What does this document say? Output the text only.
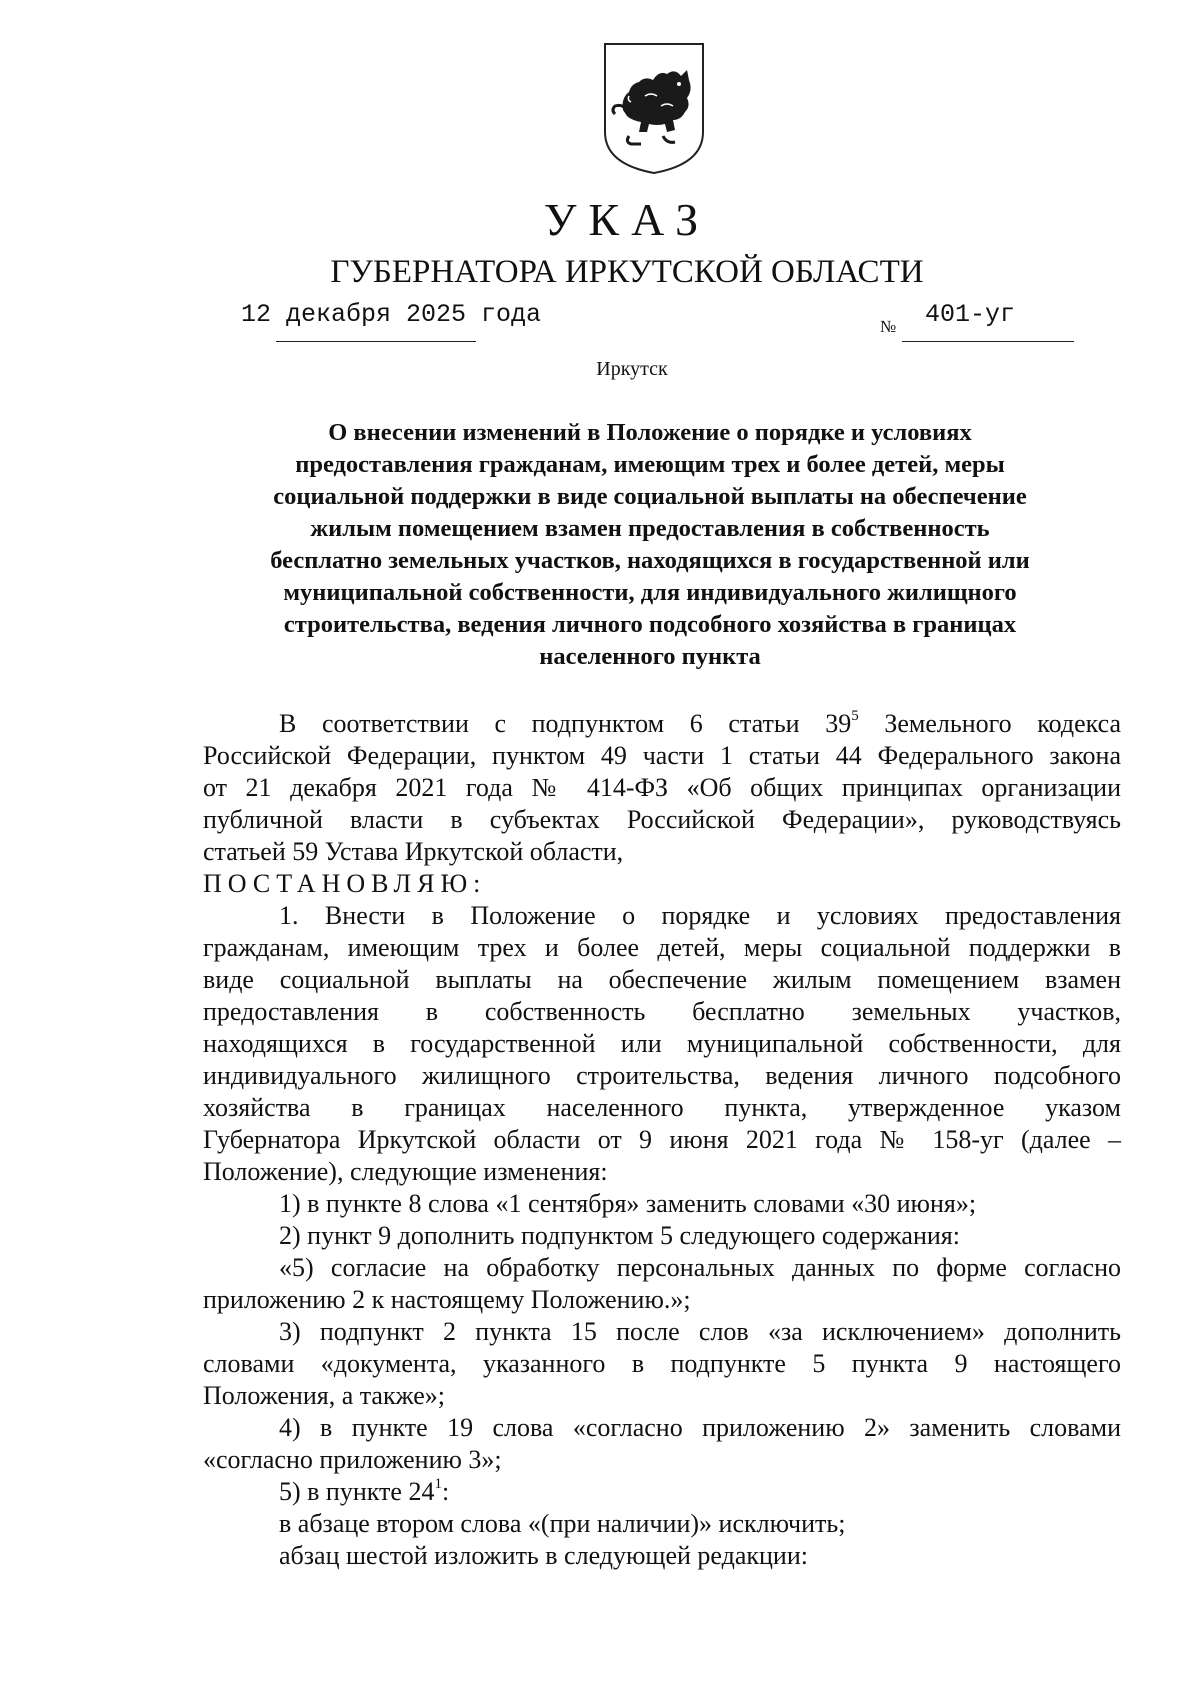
УКАЗ
ГУБЕРНАТОРА ИРКУТСКОЙ ОБЛАСТИ
12 декабря 2025 года	№ 401-уг
Иркутск
О внесении изменений в Положение о порядке и условиях
предоставления гражданам, имеющим трех и более детей, меры
социальной поддержки в виде социальной выплаты на обеспечение
жилым помещением взамен предоставления в собственность
бесплатно земельных участков, находящихся в государственной или
муниципальной собственности, для индивидуального жилищного
строительства, ведения личного подсобного хозяйства в границах
населенного пункта
В соответствии с подпунктом 6 статьи $39^5$ Земельного кодекса
Российской Федерации, пунктом 49 части 1 статьи 44 Федерального закона
от 21 декабря 2021 года № 414-ФЗ «Об общих принципах организации
публичной власти в субъектах Российской Федерации», руководствуясь
статьей 59 Устава Иркутской области,
ПОСТАНОВЛЯЮ:
1. Внести в Положение о порядке и условиях предоставления
гражданам, имеющим трех и более детей, меры социальной поддержки в
виде социальной выплаты на обеспечение жилым помещением взамен
предоставления в собственность бесплатно земельных участков,
находящихся в государственной или муниципальной собственности, для
индивидуального жилищного строительства, ведения личного подсобного
хозяйства в границах населенного пункта, утвержденное указом
Губернатора Иркутской области от 9 июня 2021 года № 158-уг (далее –
Положение), следующие изменения:
1) в пункте 8 слова «1 сентября» заменить словами «30 июня»;
2) пункт 9 дополнить подпунктом 5 следующего содержания:
«5) согласие на обработку персональных данных по форме согласно
приложению 2 к настоящему Положению.»;
3) подпункт 2 пункта 15 после слов «за исключением» дополнить
словами «документа, указанного в подпункте 5 пункта 9 настоящего
Положения, а также»;
4) в пункте 19 слова «согласно приложению 2» заменить словами
«согласно приложению 3»;
5) в пункте $24^1$:
в абзаце втором слова «(при наличии)» исключить;
абзац шестой изложить в следующей редакции:
